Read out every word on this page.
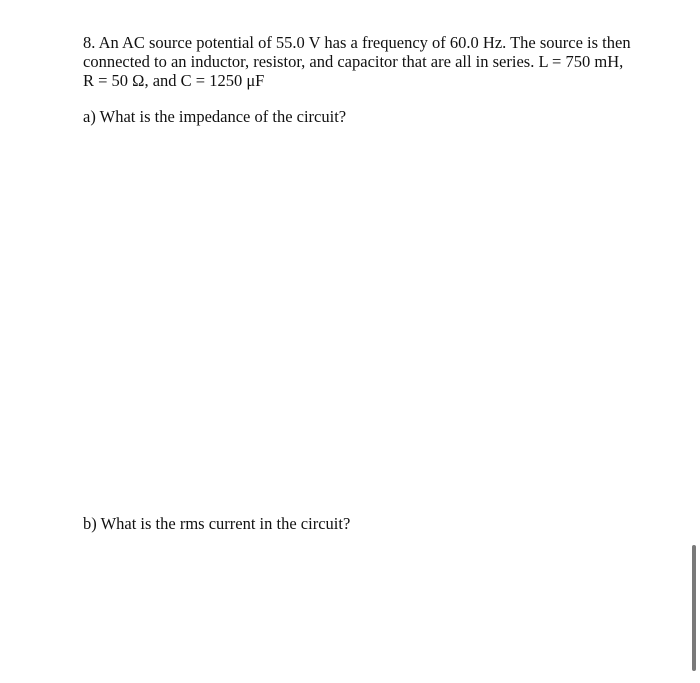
8. An AC source potential of 55.0 V has a frequency of 60.0 Hz. The source is then
connected to an inductor, resistor, and capacitor that are all in series. L = 750 mH,
R = 50 Ω, and C = 1250 μF
a) What is the impedance of the circuit?
b) What is the rms current in the circuit?
